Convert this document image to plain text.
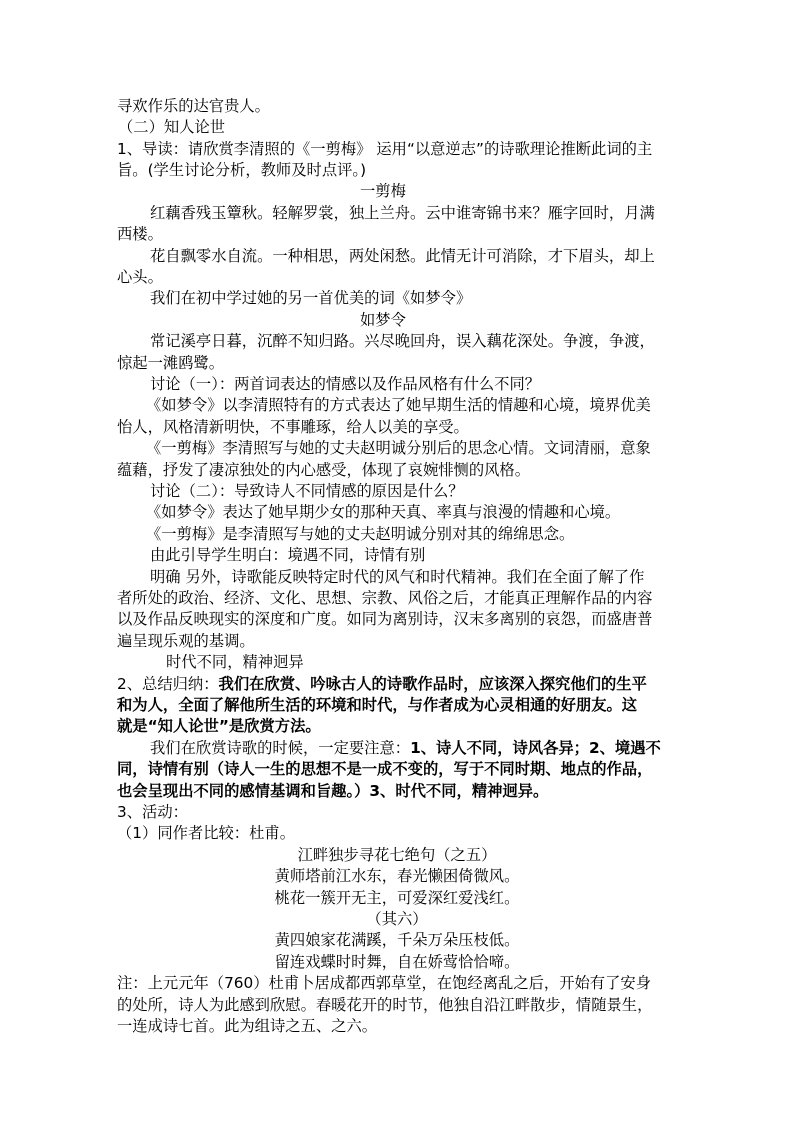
寻欢作乐的达官贵人。
（二）知人论世
1、导读：请欣赏李清照的《一剪梅》 运用“以意逆志”的诗歌理论推断此词的主
旨。(学生讨论分析，教师及时点评。)
一剪梅
红藕香残玉簟秋。轻解罗裳，独上兰舟。云中谁寄锦书来？雁字回时，月满
西楼。
花自飘零水自流。一种相思，两处闲愁。此情无计可消除，才下眉头，却上
心头。
我们在初中学过她的另一首优美的词《如梦令》
如梦令
常记溪亭日暮，沉醉不知归路。兴尽晚回舟，误入藕花深处。争渡，争渡，
惊起一滩鸥鹭。
讨论（一）：两首词表达的情感以及作品风格有什么不同？
《如梦令》以李清照特有的方式表达了她早期生活的情趣和心境，境界优美
怡人，风格清新明快，不事雕琢，给人以美的享受。
《一剪梅》李清照写与她的丈夫赵明诚分别后的思念心情。文词清丽，意象
蕴藉，抒发了凄凉独处的内心感受，体现了哀婉悱恻的风格。
讨论（二）：导致诗人不同情感的原因是什么？
《如梦令》表达了她早期少女的那种天真、率真与浪漫的情趣和心境。
《一剪梅》是李清照写与她的丈夫赵明诚分别对其的绵绵思念。
由此引导学生明白：境遇不同，诗情有别
明确 另外，诗歌能反映特定时代的风气和时代精神。我们在全面了解了作
者所处的政治、经济、文化、思想、宗教、风俗之后，才能真正理解作品的内容
以及作品反映现实的深度和广度。如同为离别诗，汉末多离别的哀怨，而盛唐普
遍呈现乐观的基调。
时代不同，精神迥异
2、总结归纳：我们在欣赏、吟咏古人的诗歌作品时，应该深入探究他们的生平
和为人，全面了解他所生活的环境和时代，与作者成为心灵相通的好朋友。这
就是“知人论世”是欣赏方法。
我们在欣赏诗歌的时候，一定要注意：1、诗人不同，诗风各异；2、境遇不
同，诗情有别（诗人一生的思想不是一成不变的，写于不同时期、地点的作品，
也会呈现出不同的感情基调和旨趣。）3、时代不同，精神迥异。
3、活动：
（1）同作者比较：杜甫。
江畔独步寻花七绝句（之五）
黄师塔前江水东，春光懒困倚微风。
桃花一簇开无主，可爱深红爱浅红。
（其六）
黄四娘家花满蹊，千朵万朵压枝低。
留连戏蝶时时舞，自在娇莺恰恰啼。
注：上元元年（760）杜甫卜居成都西郭草堂，在饱经离乱之后，开始有了安身
的处所，诗人为此感到欣慰。春暖花开的时节，他独自沿江畔散步，情随景生，
一连成诗七首。此为组诗之五、之六。
